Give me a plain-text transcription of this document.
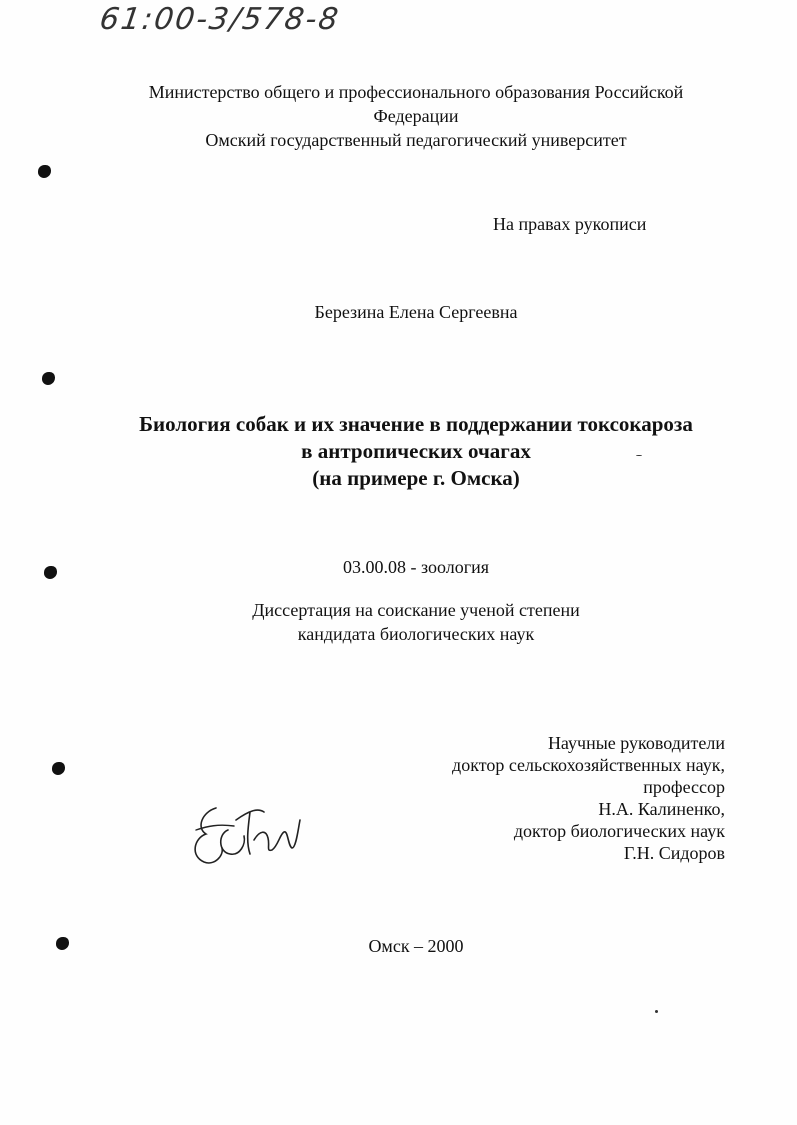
61:00-3/578-8
Министерство общего и профессионального образования Российской
Федерации
Омский государственный педагогический университет
На правах рукописи
Березина Елена Сергеевна
Биология собак и их значение в поддержании токсокароза
в антропических очагах
(на примере г. Омска)
03.00.08 - зоология
Диссертация на соискание ученой степени
кандидата биологических наук
Научные руководители
доктор сельскохозяйственных наук,
профессор
Н.А. Калиненко,
доктор биологических наук
Г.Н. Сидоров
Омск – 2000
